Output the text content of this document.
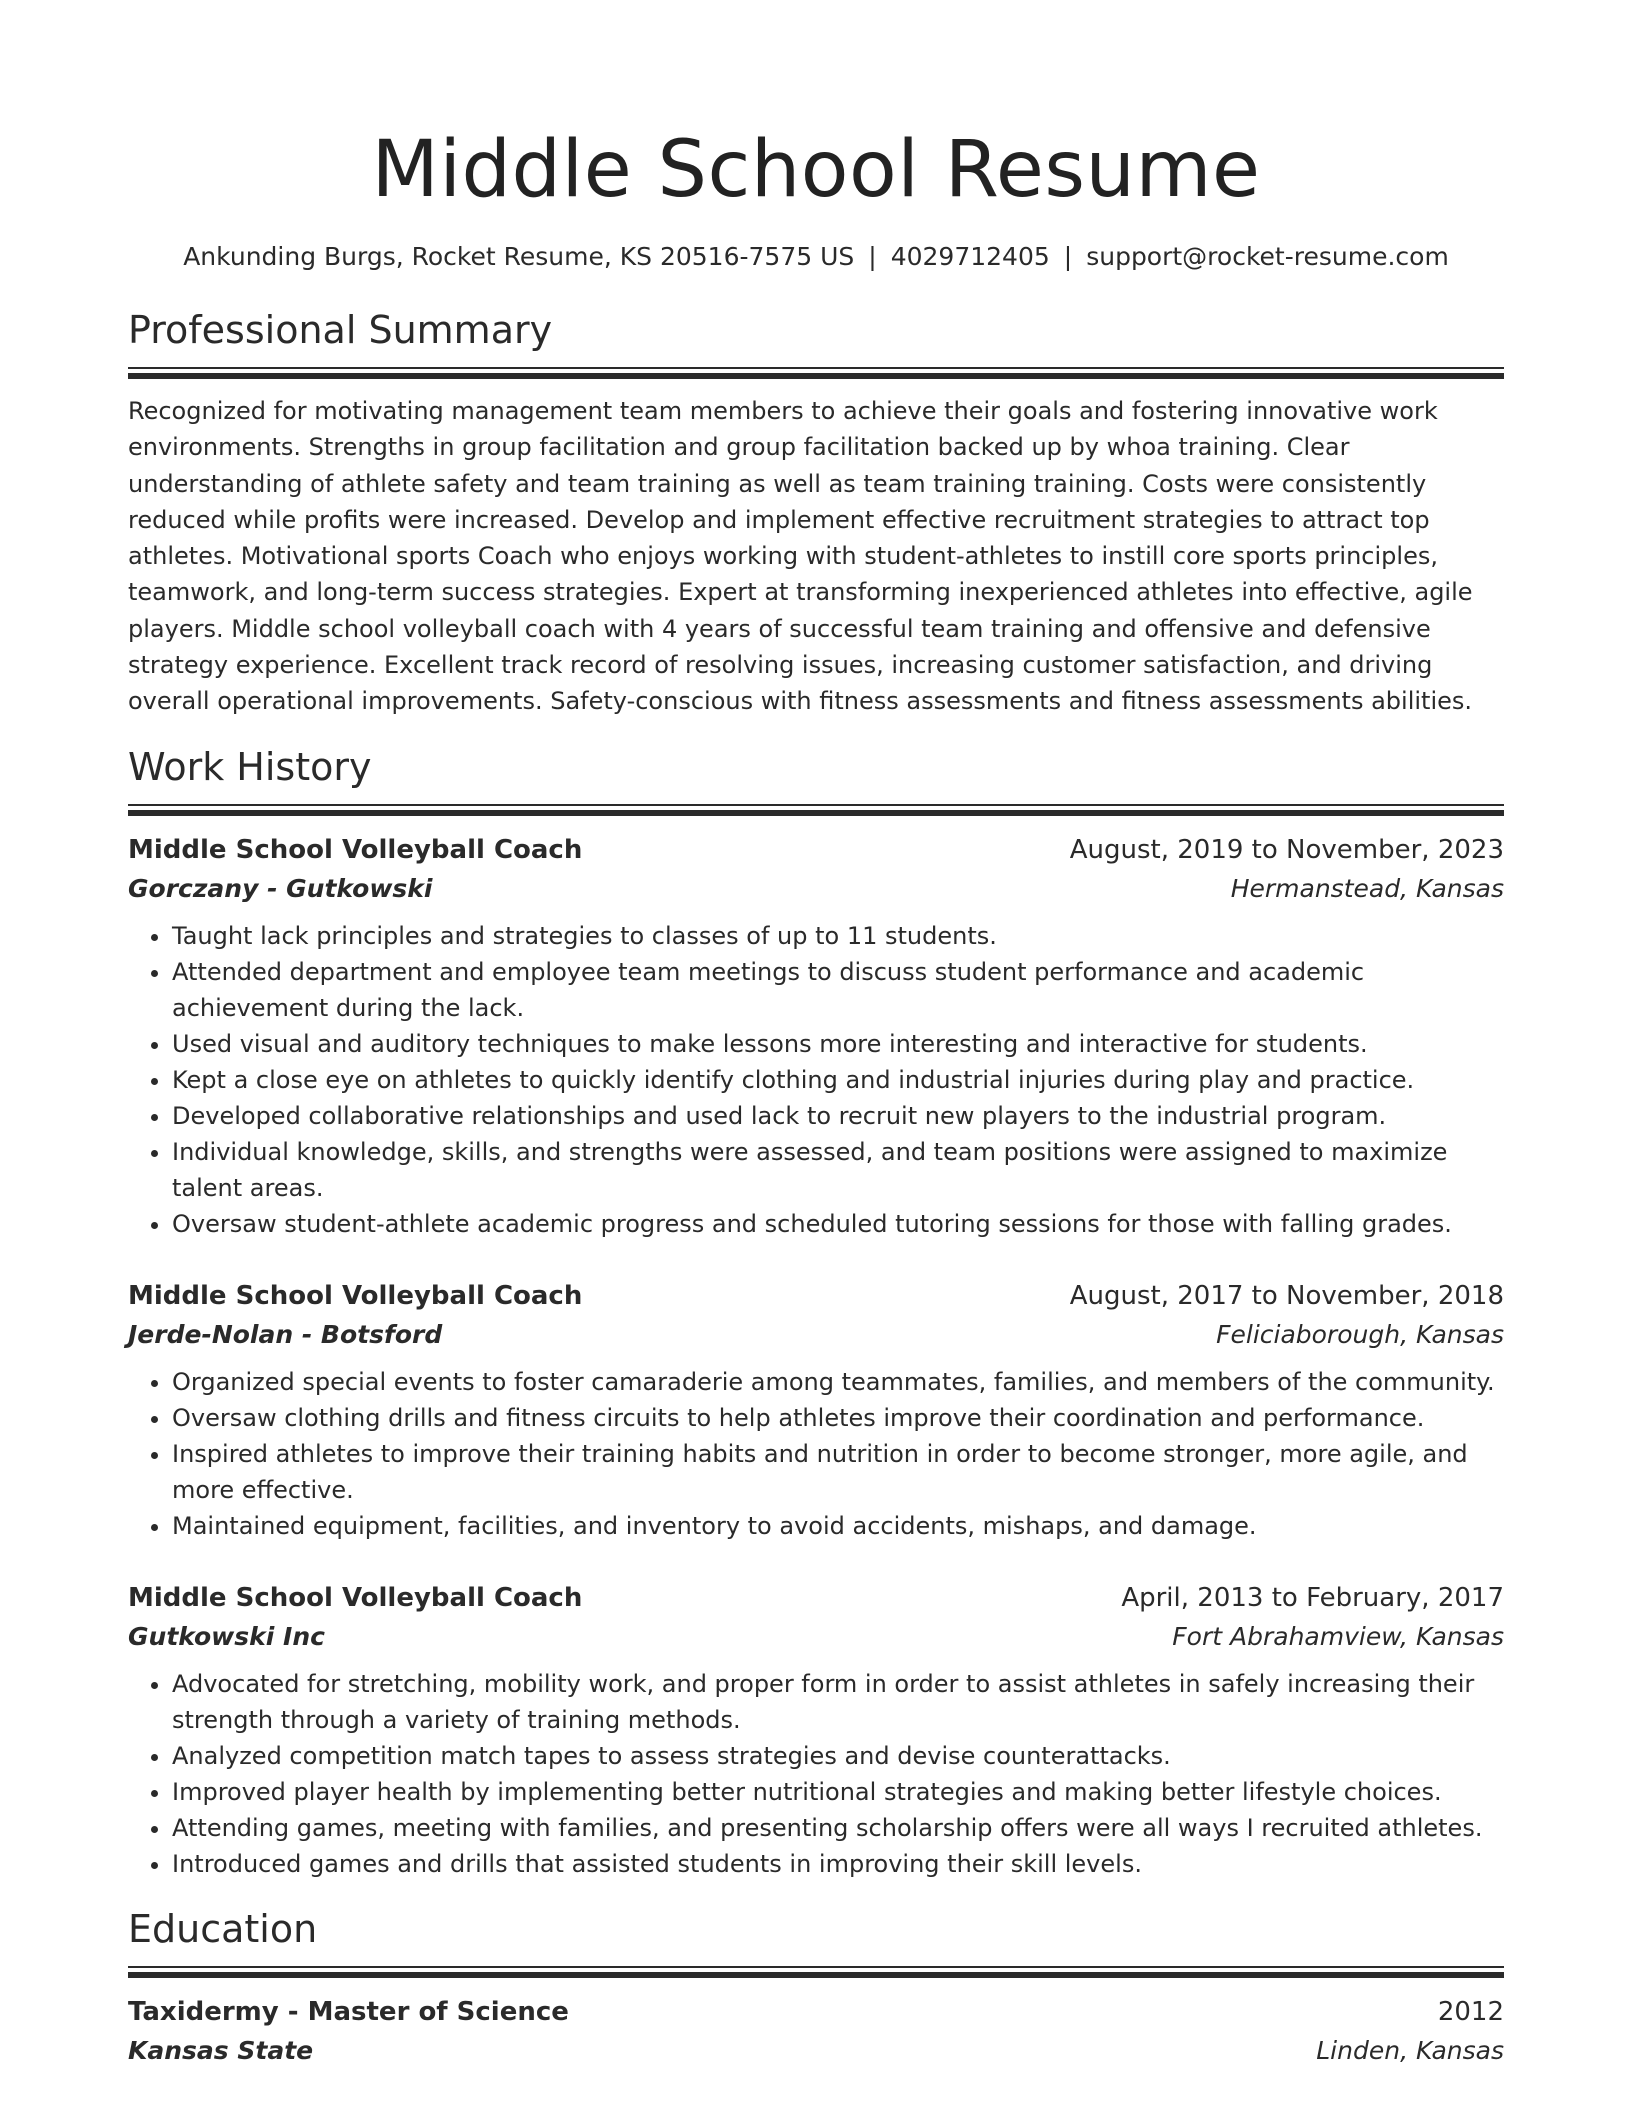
Middle School Resume
Ankunding Burgs, Rocket Resume, KS 20516-7575 US | 4029712405 | support@rocket-resume.com
Professional Summary
Recognized for motivating management team members to achieve their goals and fostering innovative work environments. Strengths in group facilitation and group facilitation backed up by whoa training. Clear understanding of athlete safety and team training as well as team training training. Costs were consistently reduced while profits were increased. Develop and implement effective recruitment strategies to attract top athletes. Motivational sports Coach who enjoys working with student-athletes to instill core sports principles, teamwork, and long-term success strategies. Expert at transforming inexperienced athletes into effective, agile players. Middle school volleyball coach with 4 years of successful team training and offensive and defensive strategy experience. Excellent track record of resolving issues, increasing customer satisfaction, and driving overall operational improvements. Safety-conscious with fitness assessments and fitness assessments abilities.
Work History
Middle School Volleyball Coach	August, 2019 to November, 2023
Gorczany - Gutkowski	Hermanstead, Kansas
• Taught lack principles and strategies to classes of up to 11 students.
• Attended department and employee team meetings to discuss student performance and academic achievement during the lack.
• Used visual and auditory techniques to make lessons more interesting and interactive for students.
• Kept a close eye on athletes to quickly identify clothing and industrial injuries during play and practice.
• Developed collaborative relationships and used lack to recruit new players to the industrial program.
• Individual knowledge, skills, and strengths were assessed, and team positions were assigned to maximize talent areas.
• Oversaw student-athlete academic progress and scheduled tutoring sessions for those with falling grades.
Middle School Volleyball Coach	August, 2017 to November, 2018
Jerde-Nolan - Botsford	Feliciaborough, Kansas
• Organized special events to foster camaraderie among teammates, families, and members of the community.
• Oversaw clothing drills and fitness circuits to help athletes improve their coordination and performance.
• Inspired athletes to improve their training habits and nutrition in order to become stronger, more agile, and more effective.
• Maintained equipment, facilities, and inventory to avoid accidents, mishaps, and damage.
Middle School Volleyball Coach	April, 2013 to February, 2017
Gutkowski Inc	Fort Abrahamview, Kansas
• Advocated for stretching, mobility work, and proper form in order to assist athletes in safely increasing their strength through a variety of training methods.
• Analyzed competition match tapes to assess strategies and devise counterattacks.
• Improved player health by implementing better nutritional strategies and making better lifestyle choices.
• Attending games, meeting with families, and presenting scholarship offers were all ways I recruited athletes.
• Introduced games and drills that assisted students in improving their skill levels.
Education
Taxidermy - Master of Science	2012
Kansas State	Linden, Kansas
